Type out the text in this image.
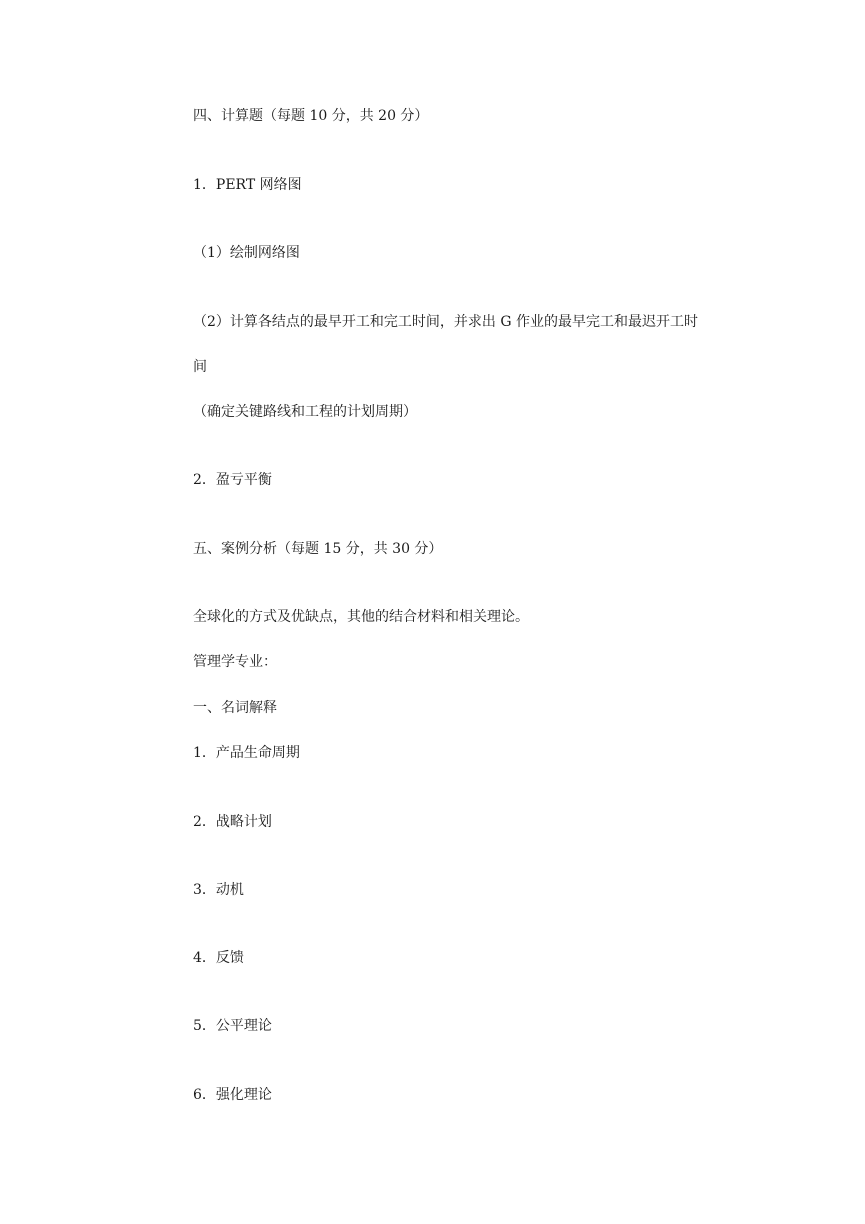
四、计算题（每题 10 分，共 20 分）
1．PERT 网络图
（1）绘制网络图
（2）计算各结点的最早开工和完工时间，并求出 G 作业的最早完工和最迟开工时
间
（确定关键路线和工程的计划周期）
2．盈亏平衡
五、案例分析（每题 15 分，共 30 分）
全球化的方式及优缺点，其他的结合材料和相关理论。
管理学专业：
一、名词解释
1．产品生命周期
2．战略计划
3．动机
4．反馈
5．公平理论
6．强化理论
